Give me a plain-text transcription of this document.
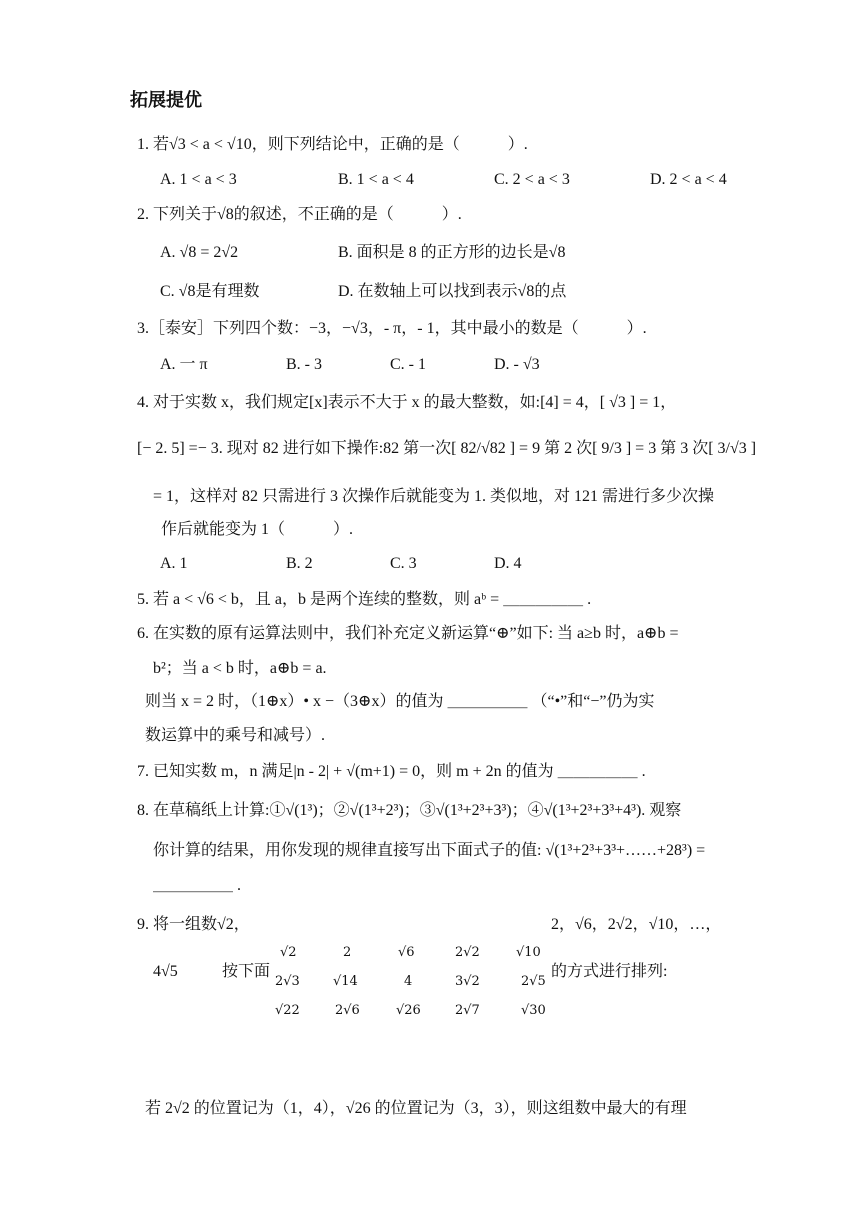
拓展提优
1. 若√3 < a < √10，则下列结论中，正确的是（　　　）.
A. 1 < a < 3	B. 1 < a < 4	C. 2 < a < 3	D. 2 < a < 4
2. 下列关于√8的叙述，不正确的是（　　　）.
A. √8 = 2√2	B. 面积是 8 的正方形的边长是√8
C. √8是有理数	D. 在数轴上可以找到表示√8的点
3.［泰安］下列四个数：−3，−√3，- π，- 1，其中最小的数是（　　　）.
A. 一 π	B. - 3	C. - 1	D. - √3
4. 对于实数 x，我们规定[x]表示不大于 x 的最大整数，如:[4] = 4，[ √3 ] = 1，
[− 2. 5] =− 3. 现对 82 进行如下操作:82 第一次[ 82/√82 ] = 9 第 2 次[ 9/3 ] = 3 第 3 次[ 3/√3 ]
= 1，这样对 82 只需进行 3 次操作后就能变为 1. 类似地，对 121 需进行多少次操
作后就能变为 1（　　　）.
A. 1	B. 2	C. 3	D. 4
5. 若 a < √6 < b，且 a，b 是两个连续的整数，则 aᵇ = ＿＿＿＿＿ .
6. 在实数的原有运算法则中，我们补充定义新运算“⊕”如下: 当 a≥b 时，a⊕b =
b²；当 a < b 时，a⊕b = a.
则当 x = 2 时，（1⊕x）• x −（3⊕x）的值为 ＿＿＿＿＿ （“•”和“−”仍为实
数运算中的乘号和减号）.
7. 已知实数 m，n 满足|n - 2| + √(m+1) = 0，则 m + 2n 的值为 ＿＿＿＿＿ .
8. 在草稿纸上计算:①√(1³)；②√(1³+2³)；③√(1³+2³+3³)；④√(1³+2³+3³+4³). 观察
你计算的结果，用你发现的规律直接写出下面式子的值: √(1³+2³+3³+……+28³) =
＿＿＿＿＿ .
9. 将一组数√2，	2，√6，2√2，√10，…，
4√5	按下面	的方式进行排列:
√2	2	√6	2√2	√10
2√3	√14	4	3√2	2√5
√22	2√6	√26	2√7	√30
若 2√2 的位置记为（1，4），√26 的位置记为（3，3），则这组数中最大的有理
